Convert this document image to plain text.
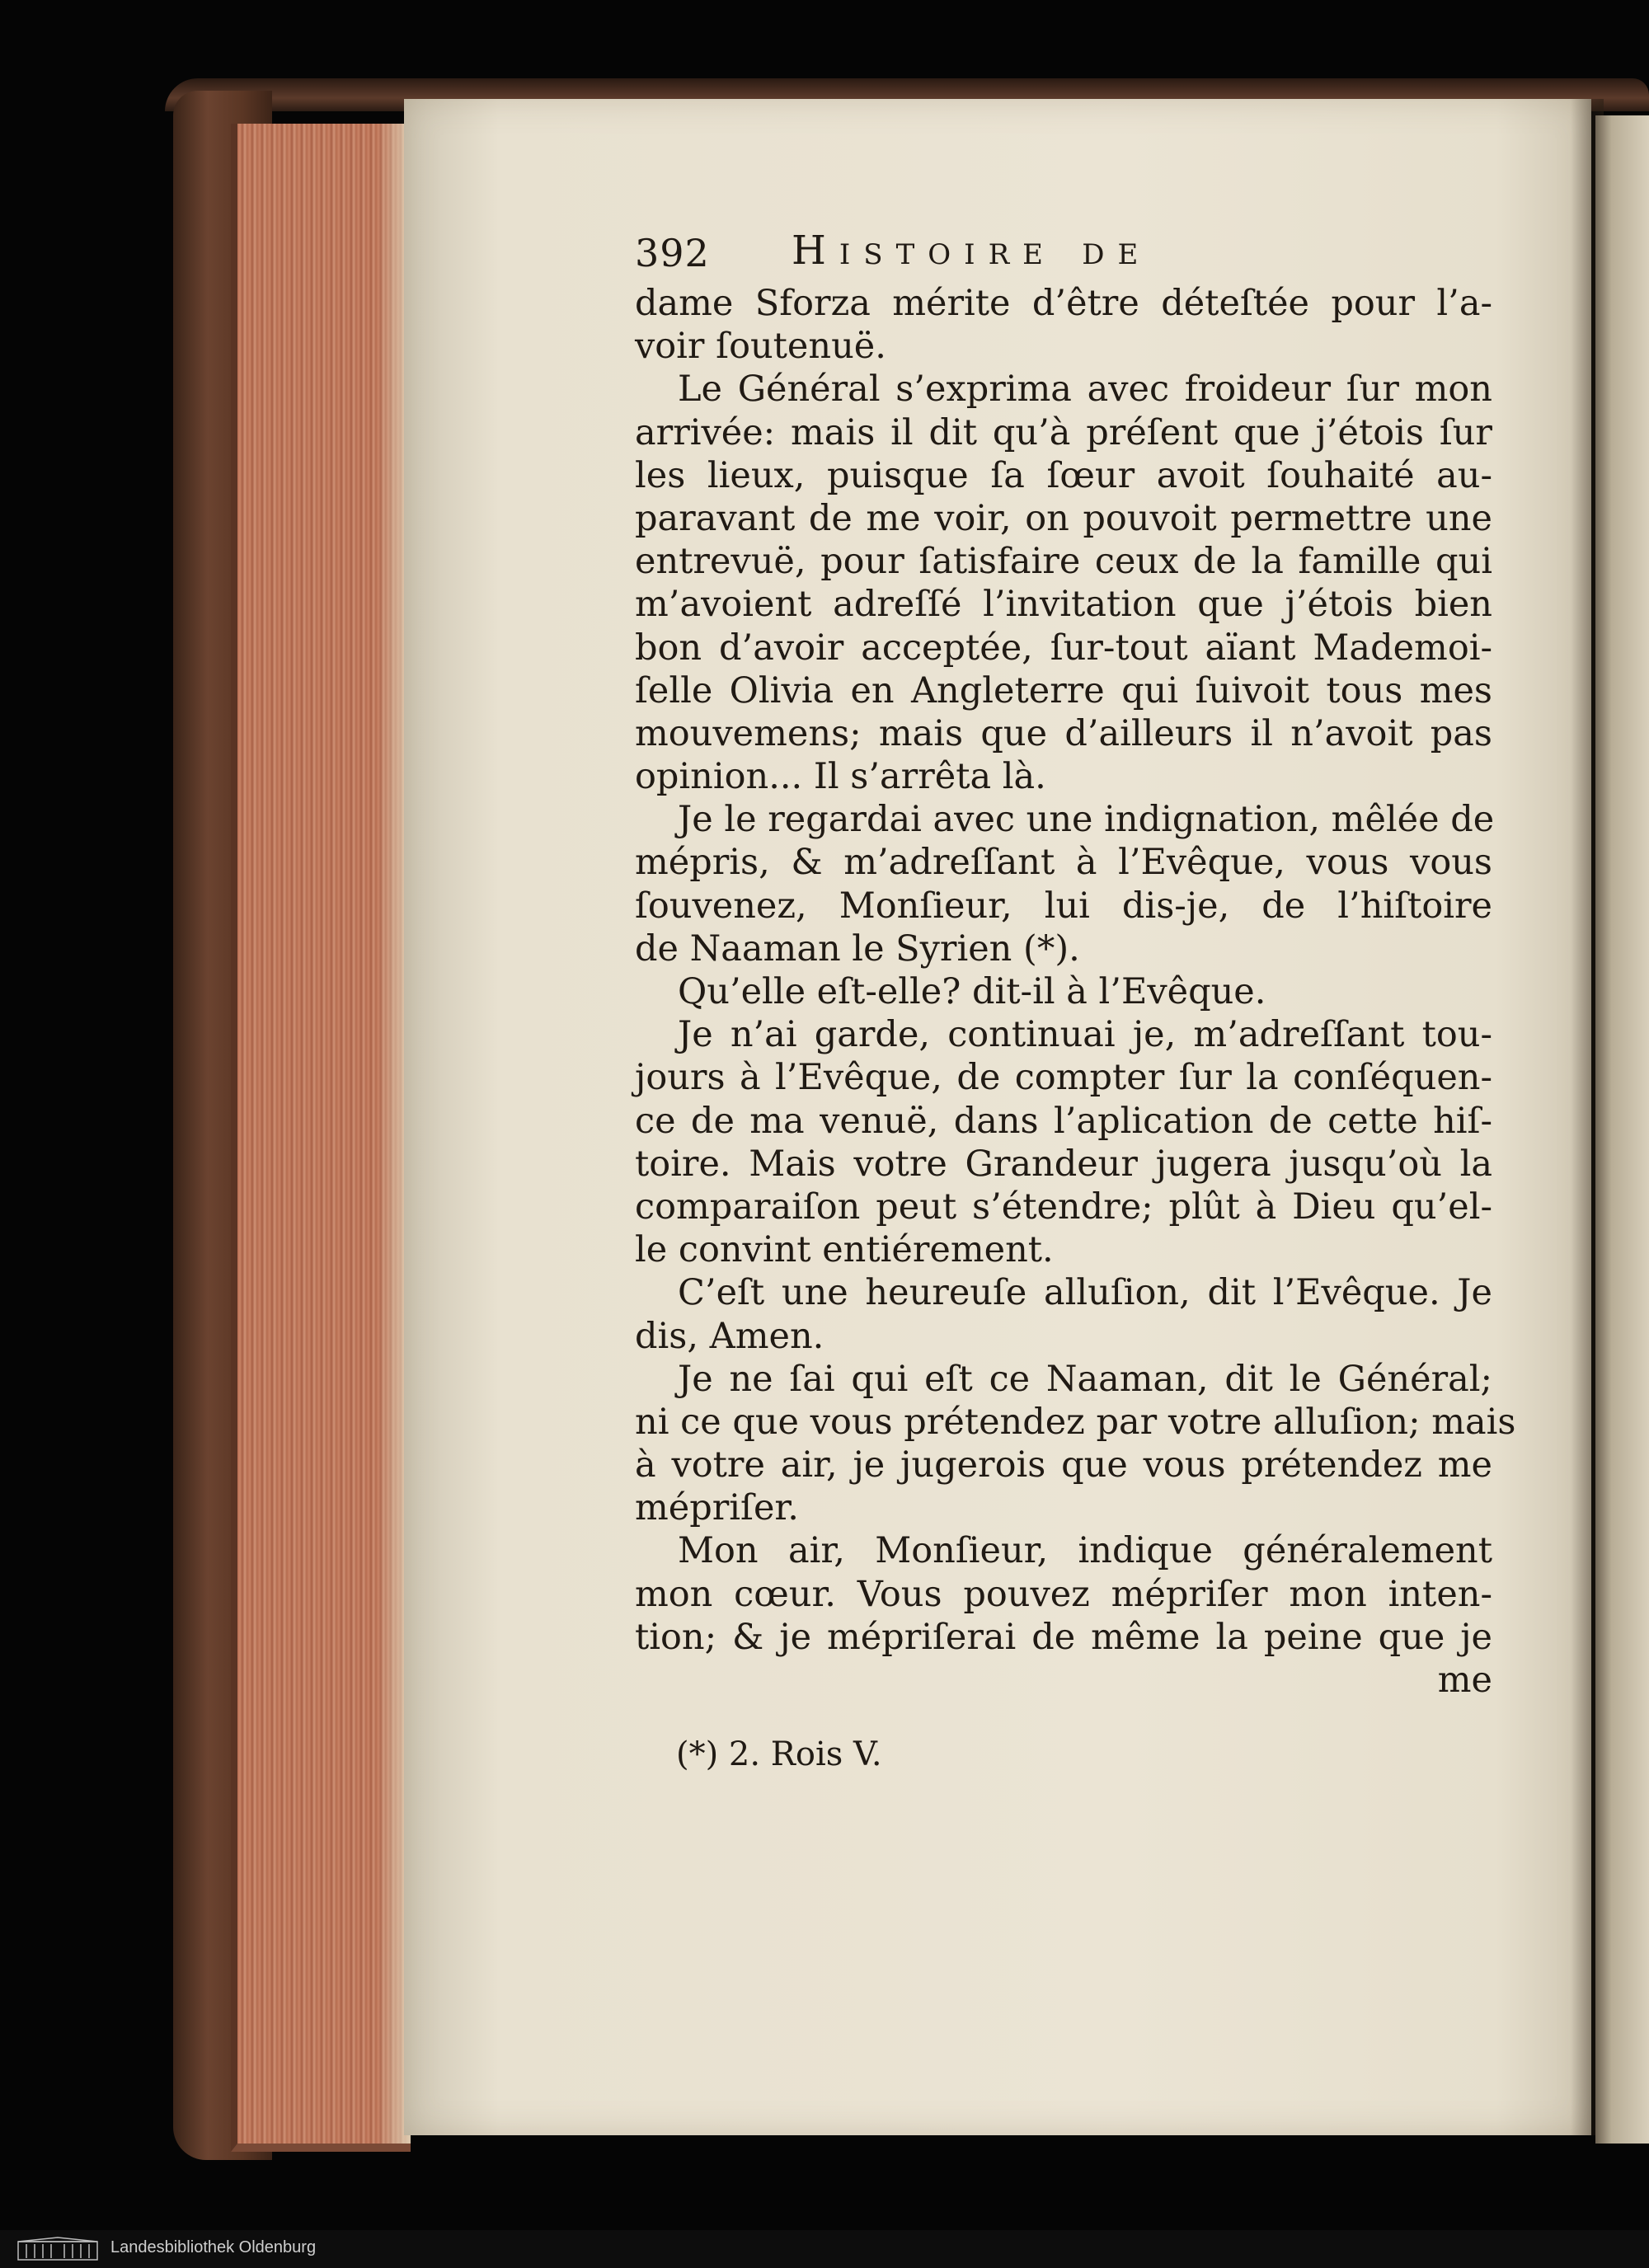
392 Histoire de
dame Sforza mérite d’être déteſtée pour l’a-
voir ſoutenuë.
Le Général s’exprima avec froideur ſur mon
arrivée: mais il dit qu’à préſent que j’étois ſur
les lieux, puisque ſa ſœur avoit ſouhaité au-
paravant de me voir, on pouvoit permettre une
entrevuë, pour ſatisfaire ceux de la famille qui
m’avoient adreſſé l’invitation que j’étois bien
bon d’avoir acceptée, ſur-tout aïant Mademoi-
ſelle Olivia en Angleterre qui ſuivoit tous mes
mouvemens; mais que d’ailleurs il n’avoit pas
opinion... Il s’arrêta là.
Je le regardai avec une indignation, mêlée de
mépris, & m’adreſſant à l’Evêque, vous vous
ſouvenez, Monſieur, lui dis-je, de l’hiſtoire
de Naaman le Syrien (*).
Qu’elle eſt-elle? dit-il à l’Evêque.
Je n’ai garde, continuai je, m’adreſſant tou-
jours à l’Evêque, de compter ſur la conſéquen-
ce de ma venuë, dans l’aplication de cette hiſ-
toire. Mais votre Grandeur jugera jusqu’où la
comparaiſon peut s’étendre; plût à Dieu qu’el-
le convint entiérement.
C’eſt une heureuſe alluſion, dit l’Evêque. Je
dis, Amen.
Je ne ſai qui eſt ce Naaman, dit le Général;
ni ce que vous prétendez par votre alluſion; mais
à votre air, je jugerois que vous prétendez me
mépriſer.
Mon air, Monſieur, indique généralement
mon cœur. Vous pouvez mépriſer mon inten-
tion; & je mépriſerai de même la peine que je
me
(*) 2. Rois V.
Landesbibliothek Oldenburg
